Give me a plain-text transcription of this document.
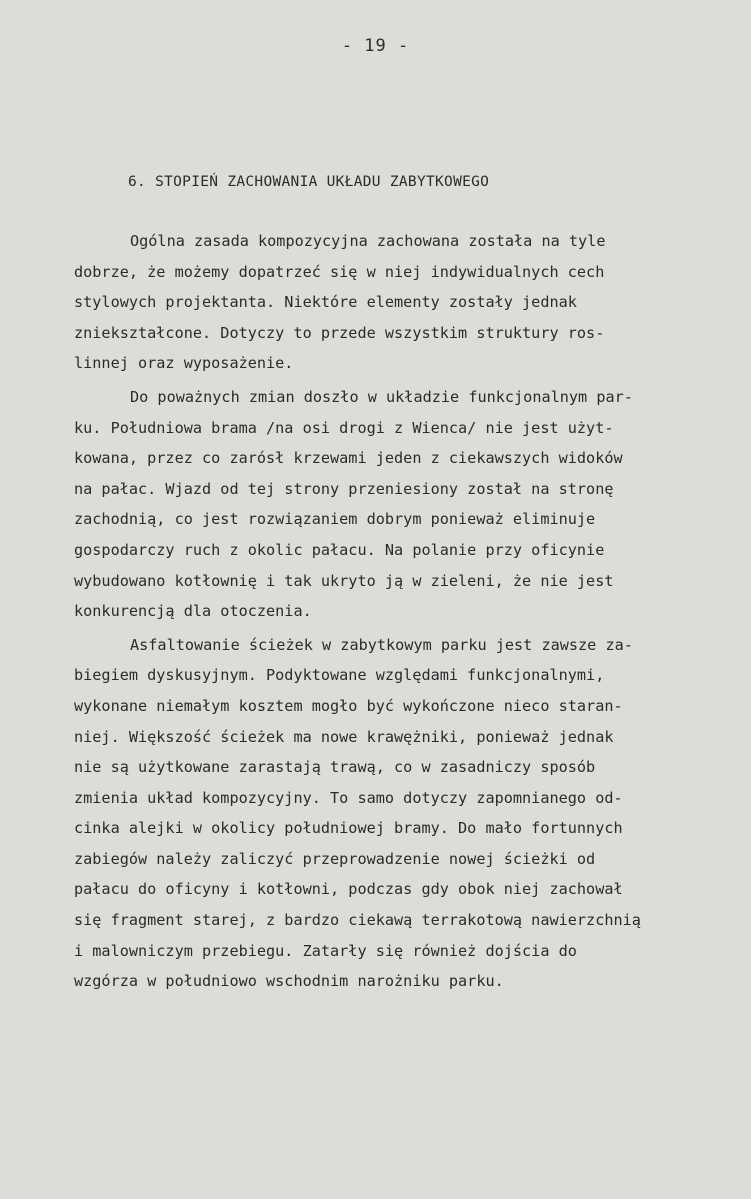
- 19 -
6. STOPIEŃ ZACHOWANIA UKŁADU ZABYTKOWEGO
Ogólna zasada kompozycyjna zachowana została na tyle
dobrze, że możemy dopatrzeć się w niej indywidualnych cech
stylowych projektanta. Niektóre elementy zostały jednak
zniekształcone. Dotyczy to przede wszystkim struktury ros-
linnej oraz wyposażenie.
Do poważnych zmian doszło w układzie funkcjonalnym par-
ku. Południowa brama /na osi drogi z Wienca/ nie jest użyt-
kowana, przez co zarósł krzewami jeden z ciekawszych widoków
na pałac. Wjazd od tej strony przeniesiony został na stronę
zachodnią, co jest rozwiązaniem dobrym ponieważ eliminuje
gospodarczy ruch z okolic pałacu. Na polanie przy oficynie
wybudowano kotłownię i tak ukryto ją w zieleni, że nie jest
konkurencją dla otoczenia.
Asfaltowanie ścieżek w zabytkowym parku jest zawsze za-
biegiem dyskusyjnym. Podyktowane względami funkcjonalnymi,
wykonane niemałym kosztem mogło być wykończone nieco staran-
niej. Większość ścieżek ma nowe krawężniki, ponieważ jednak
nie są użytkowane zarastają trawą, co w zasadniczy sposób
zmienia układ kompozycyjny. To samo dotyczy zapomnianego od-
cinka alejki w okolicy południowej bramy. Do mało fortunnych
zabiegów należy zaliczyć przeprowadzenie nowej ścieżki od
pałacu do oficyny i kotłowni, podczas gdy obok niej zachował
się fragment starej, z bardzo ciekawą terrakotową nawierzchnią
i malowniczym przebiegu. Zatarły się również dojścia do
wzgórza w południowo wschodnim narożniku parku.
